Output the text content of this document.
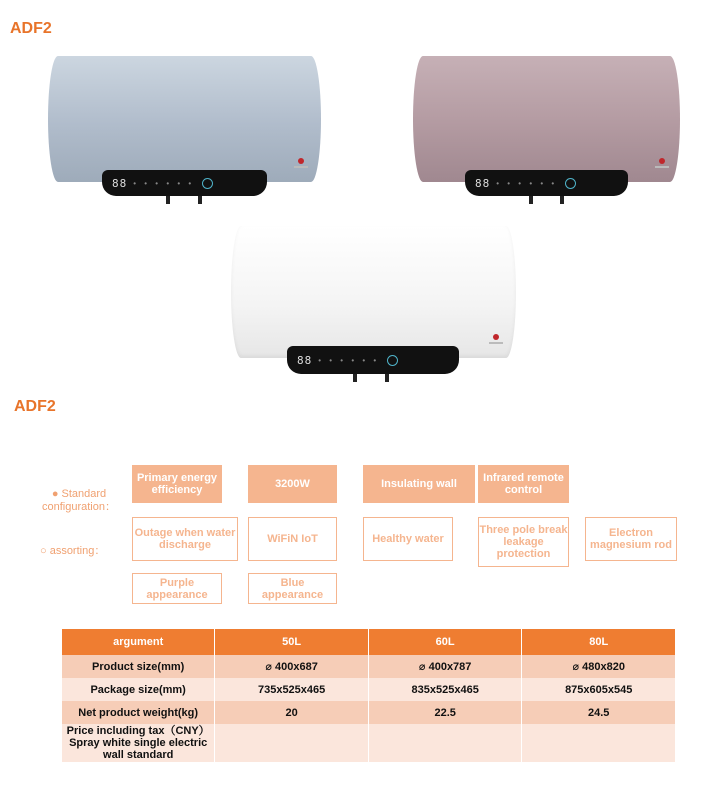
ADF2
88 • • • • • •	88 • • • • • •
88 • • • • • •
ADF2
● Standard configuration：
○ assorting：
Primary energy efficiency	3200W	Insulating wall	Infrared remote control
Outage when water discharge	WiFiN IoT	Healthy water
Three pole break leakage protection
Electron magnesium rod
Purple appearance
Blue appearance
argument	50L	60L	80L
Product size(mm)	⌀ 400x687	⌀ 400x787	⌀ 480x820
Package size(mm)	735x525x465	835x525x465	875x605x545
Net product weight(kg)	20	22.5	24.5
Price including tax（CNY）Spray white single electric wall standard			
